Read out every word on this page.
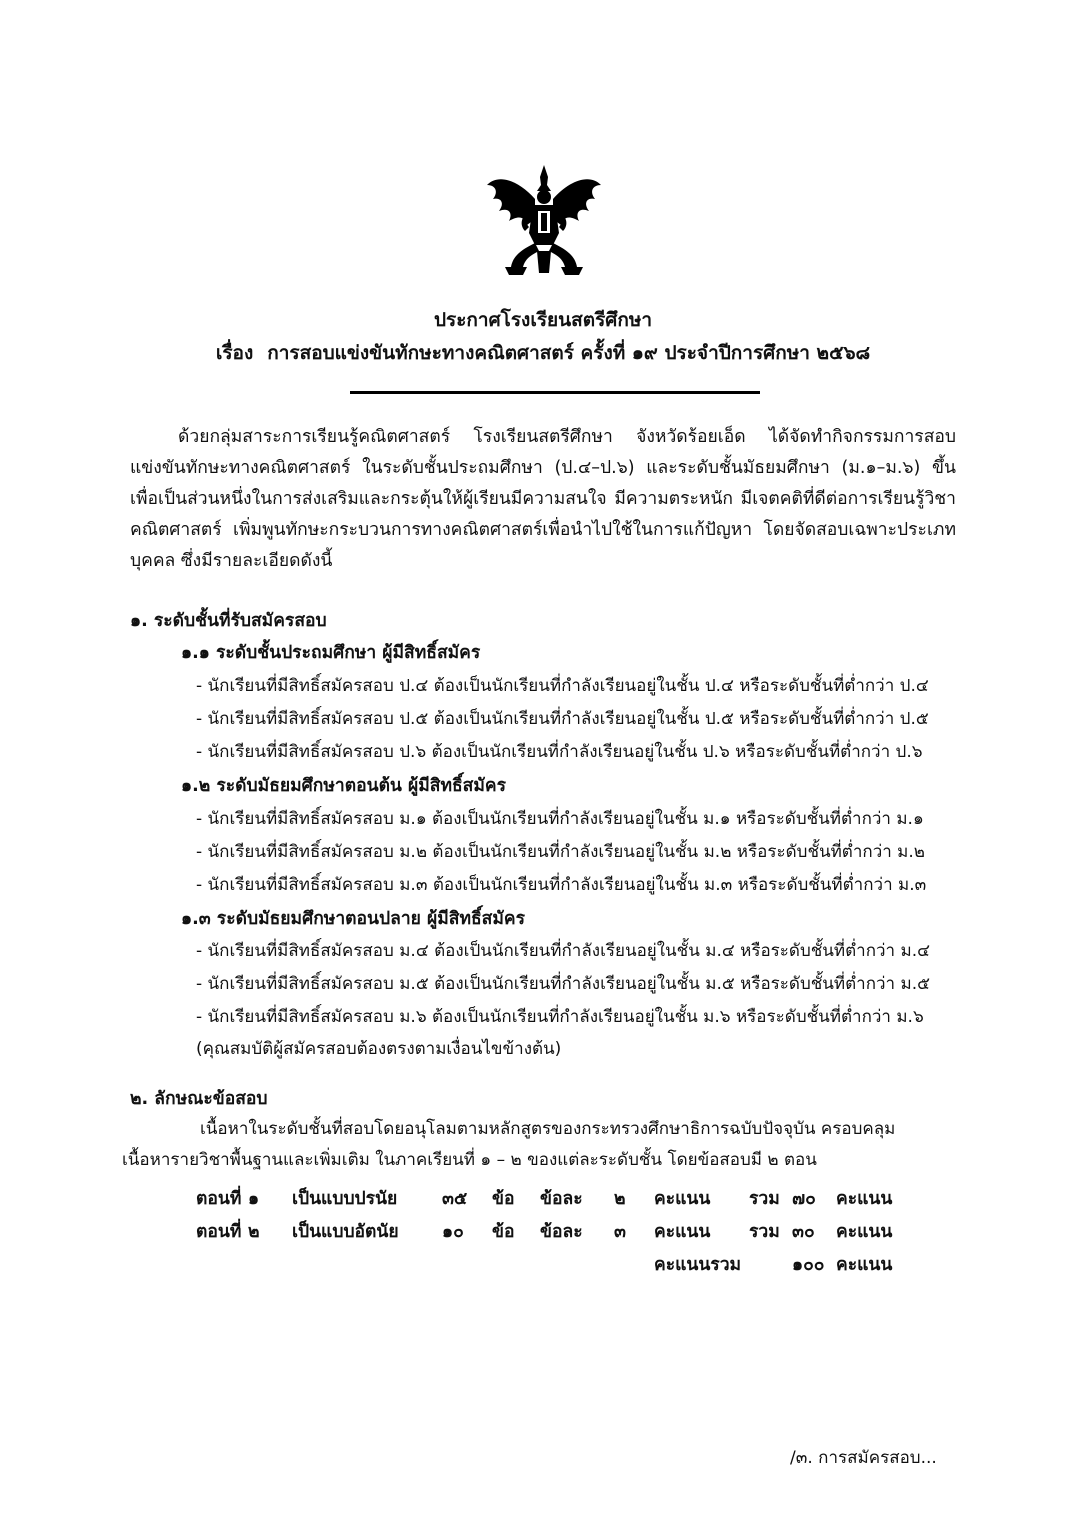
ประกาศโรงเรียนสตรีศึกษา
เรื่อง การสอบแข่งขันทักษะทางคณิตศาสตร์ ครั้งที่ ๑๙ ประจำปีการศึกษา ๒๕๖๘

ด้วยกลุ่มสาระการเรียนรู้คณิตศาสตร์ โรงเรียนสตรีศึกษา จังหวัดร้อยเอ็ด ได้จัดทำกิจกรรมการสอบแข่งขันทักษะทางคณิตศาสตร์ ในระดับชั้นประถมศึกษา (ป.๔–ป.๖) และระดับชั้นมัธยมศึกษา (ม.๑–ม.๖) ขึ้น เพื่อเป็นส่วนหนึ่งในการส่งเสริมและกระตุ้นให้ผู้เรียนมีความสนใจ มีความตระหนัก มีเจตคติที่ดีต่อการเรียนรู้วิชาคณิตศาสตร์ เพิ่มพูนทักษะกระบวนการทางคณิตศาสตร์เพื่อนำไปใช้ในการแก้ปัญหา โดยจัดสอบเฉพาะประเภทบุคคล ซึ่งมีรายละเอียดดังนี้

๑. ระดับชั้นที่รับสมัครสอบ
๑.๑ ระดับชั้นประถมศึกษา ผู้มีสิทธิ์สมัคร
- นักเรียนที่มีสิทธิ์สมัครสอบ ป.๔ ต้องเป็นนักเรียนที่กำลังเรียนอยู่ในชั้น ป.๔ หรือระดับชั้นที่ต่ำกว่า ป.๔
- นักเรียนที่มีสิทธิ์สมัครสอบ ป.๕ ต้องเป็นนักเรียนที่กำลังเรียนอยู่ในชั้น ป.๕ หรือระดับชั้นที่ต่ำกว่า ป.๕
- นักเรียนที่มีสิทธิ์สมัครสอบ ป.๖ ต้องเป็นนักเรียนที่กำลังเรียนอยู่ในชั้น ป.๖ หรือระดับชั้นที่ต่ำกว่า ป.๖
๑.๒ ระดับมัธยมศึกษาตอนต้น ผู้มีสิทธิ์สมัคร
- นักเรียนที่มีสิทธิ์สมัครสอบ ม.๑ ต้องเป็นนักเรียนที่กำลังเรียนอยู่ในชั้น ม.๑ หรือระดับชั้นที่ต่ำกว่า ม.๑
- นักเรียนที่มีสิทธิ์สมัครสอบ ม.๒ ต้องเป็นนักเรียนที่กำลังเรียนอยู่ในชั้น ม.๒ หรือระดับชั้นที่ต่ำกว่า ม.๒
- นักเรียนที่มีสิทธิ์สมัครสอบ ม.๓ ต้องเป็นนักเรียนที่กำลังเรียนอยู่ในชั้น ม.๓ หรือระดับชั้นที่ต่ำกว่า ม.๓
๑.๓ ระดับมัธยมศึกษาตอนปลาย ผู้มีสิทธิ์สมัคร
- นักเรียนที่มีสิทธิ์สมัครสอบ ม.๔ ต้องเป็นนักเรียนที่กำลังเรียนอยู่ในชั้น ม.๔ หรือระดับชั้นที่ต่ำกว่า ม.๔
- นักเรียนที่มีสิทธิ์สมัครสอบ ม.๕ ต้องเป็นนักเรียนที่กำลังเรียนอยู่ในชั้น ม.๕ หรือระดับชั้นที่ต่ำกว่า ม.๕
- นักเรียนที่มีสิทธิ์สมัครสอบ ม.๖ ต้องเป็นนักเรียนที่กำลังเรียนอยู่ในชั้น ม.๖ หรือระดับชั้นที่ต่ำกว่า ม.๖
(คุณสมบัติผู้สมัครสอบต้องตรงตามเงื่อนไขข้างต้น)
๒. ลักษณะข้อสอบ
เนื้อหาในระดับชั้นที่สอบโดยอนุโลมตามหลักสูตรของกระทรวงศึกษาธิการฉบับปัจจุบัน ครอบคลุม
เนื้อหารายวิชาพื้นฐานและเพิ่มเติม ในภาคเรียนที่ ๑ – ๒ ของแต่ละระดับชั้น โดยข้อสอบมี ๒ ตอน
ตอนที่	๑	เป็นแบบปรนัย	๓๕	ข้อ	ข้อละ	๒	คะแนน	รวม	๗๐	คะแนน
ตอนที่	๒	เป็นแบบอัตนัย	๑๐	ข้อ	ข้อละ	๓	คะแนน	รวม	๓๐	คะแนน
							คะแนนรวม		๑๐๐	คะแนน
/๓. การสมัครสอบ...
